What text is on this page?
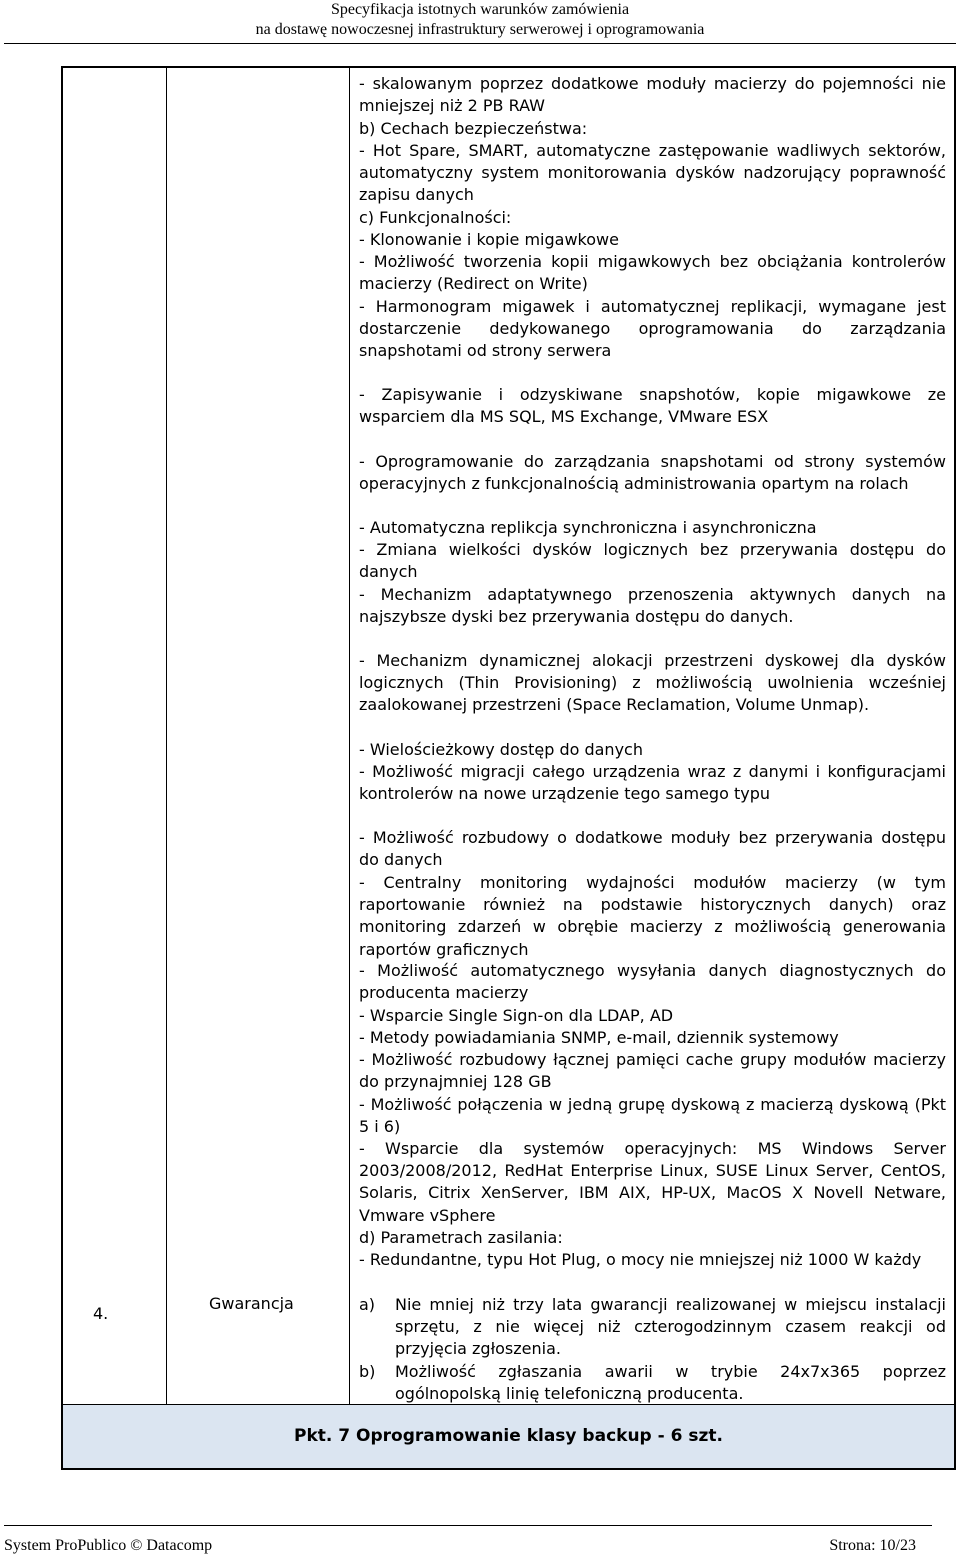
Specyfikacja istotnych warunków zamówienia
na dostawę nowoczesnej infrastruktury serwerowej i oprogramowania

- skalowanym poprzez dodatkowe moduły macierzy do pojemności nie mniejszej niż 2 PB RAW

b) Cechach bezpieczeństwa:

- Hot Spare, SMART, automatyczne zastępowanie wadliwych sektorów, automatyczny system monitorowania dysków nadzorujący poprawność zapisu danych

c) Funkcjonalności:

- Klonowanie i kopie migawkowe

- Możliwość tworzenia kopii migawkowych bez obciążania kontrolerów macierzy (Redirect on Write)

- Harmonogram migawek i automatycznej replikacji, wymagane jest dostarczenie dedykowanego oprogramowania do zarządzania snapshotami od strony serwera

- Zapisywanie i odzyskiwane snapshotów, kopie migawkowe ze wsparciem dla MS SQL, MS Exchange, VMware ESX

- Oprogramowanie do zarządzania snapshotami od strony systemów operacyjnych z funkcjonalnością administrowania opartym na rolach

- Automatyczna replikcja synchroniczna i asynchroniczna

- Zmiana wielkości dysków logicznych bez przerywania dostępu do danych

- Mechanizm adaptatywnego przenoszenia aktywnych danych na najszybsze dyski bez przerywania dostępu do danych.

- Mechanizm dynamicznej alokacji przestrzeni dyskowej dla dysków logicznych (Thin Provisioning) z możliwością uwolnienia wcześniej zaalokowanej przestrzeni (Space Reclamation, Volume Unmap).

- Wielościeżkowy dostęp do danych

- Możliwość migracji całego urządzenia wraz z danymi i konfiguracjami kontrolerów na nowe urządzenie tego samego typu

- Możliwość rozbudowy o dodatkowe moduły bez przerywania dostępu do danych

- Centralny monitoring wydajności modułów macierzy (w tym raportowanie również na podstawie historycznych danych) oraz monitoring zdarzeń w obrębie macierzy z możliwością generowania raportów graficznych

- Możliwość automatycznego wysyłania danych diagnostycznych do producenta macierzy

- Wsparcie Single Sign-on dla LDAP, AD

- Metody powiadamiania SNMP, e-mail, dziennik systemowy

- Możliwość rozbudowy łącznej pamięci cache grupy modułów macierzy do przynajmniej 128 GB

- Możliwość połączenia w jedną grupę dyskową z macierzą dyskową (Pkt 5 i 6)

- Wsparcie dla systemów operacyjnych: MS Windows Server 2003/2008/2012, RedHat Enterprise Linux, SUSE Linux Server, CentOS, Solaris, Citrix XenServer, IBM AIX, HP-UX, MacOS X Novell Netware, Vmware vSphere

d) Parametrach zasilania:

- Redundantne, typu Hot Plug, o mocy nie mniejszej niż 1000 W każdy

4.
Gwarancja	a) Nie mniej niż trzy lata gwarancji realizowanej w miejscu instalacji sprzętu, z nie więcej niż czterogodzinnym czasem reakcji od przyjęcia zgłoszenia.
b) Możliwość zgłaszania awarii w trybie 24x7x365 poprzez ogólnopolską linię telefoniczną producenta.
Pkt. 7 Oprogramowanie klasy backup - 6 szt.
System ProPublico © Datacomp	Strona: 10/23
